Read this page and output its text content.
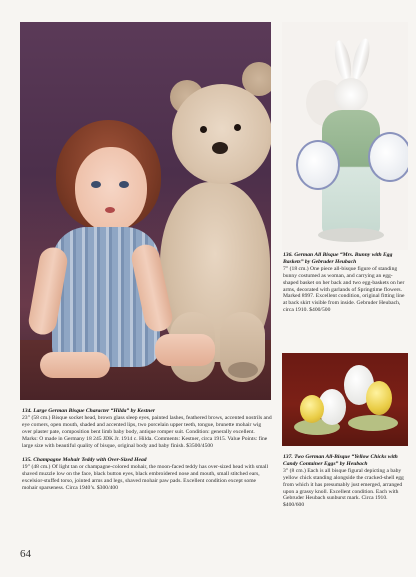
134. Large German Bisque Character “Hilda” by Kestner
23” (58 cm.) Bisque socket head, brown glass sleep eyes, painted lashes, feathered brows, accented nostrils and eye corners, open mouth, shaded and accented lips, two porcelain upper teeth, tongue, brunette mohair wig over plaster pate, composition bent limb baby body, antique romper suit. Condition: generally excellent. Marks: O made in Germany 18 245 JDK Jr. 1914 c. Hilda. Comments: Kestner, circa 1915. Value Points: fine large size with beautiful quality of bisque, original body and baby finish. $3500/4500
135. Champagne Mohair Teddy with Over-Sized Head
19” (48 cm.) Of light tan or champagne-colored mohair, the moon-faced teddy has over-sized head with small shaved muzzle low on the face, black button eyes, black embroidered nose and mouth, small stitched ears, excelsior-stuffed torso, jointed arms and legs, shaved mohair paw pads. Excellent condition except some mohair sparseness. Circa 1940’s. $300/400
136. German All Bisque “Mrs. Bunny with Egg Baskets” by Gebruder Heubach
7” (18 cm.) One piece all-bisque figure of standing bunny costumed as woman, and carrying an egg-shaped basket on her back and two egg-baskets on her arms, decorated with garlands of Springtime flowers. Marked 8997. Excellent condition, original fitting line at back skirt visible from inside. Gebruder Heubach, circa 1910. $400/500
137. Two German All-Bisque “Yellow Chicks with Candy Container Eggs” by Heubach
3” (8 cm.) Each is all bisque figural depicting a baby yellow chick standing alongside the cracked-shell egg from which it has presumably just emerged, arranged upon a grassy knoll. Excellent condition. Each with Gebruder Heubach sunburst mark. Circa 1910. $400/600
64
